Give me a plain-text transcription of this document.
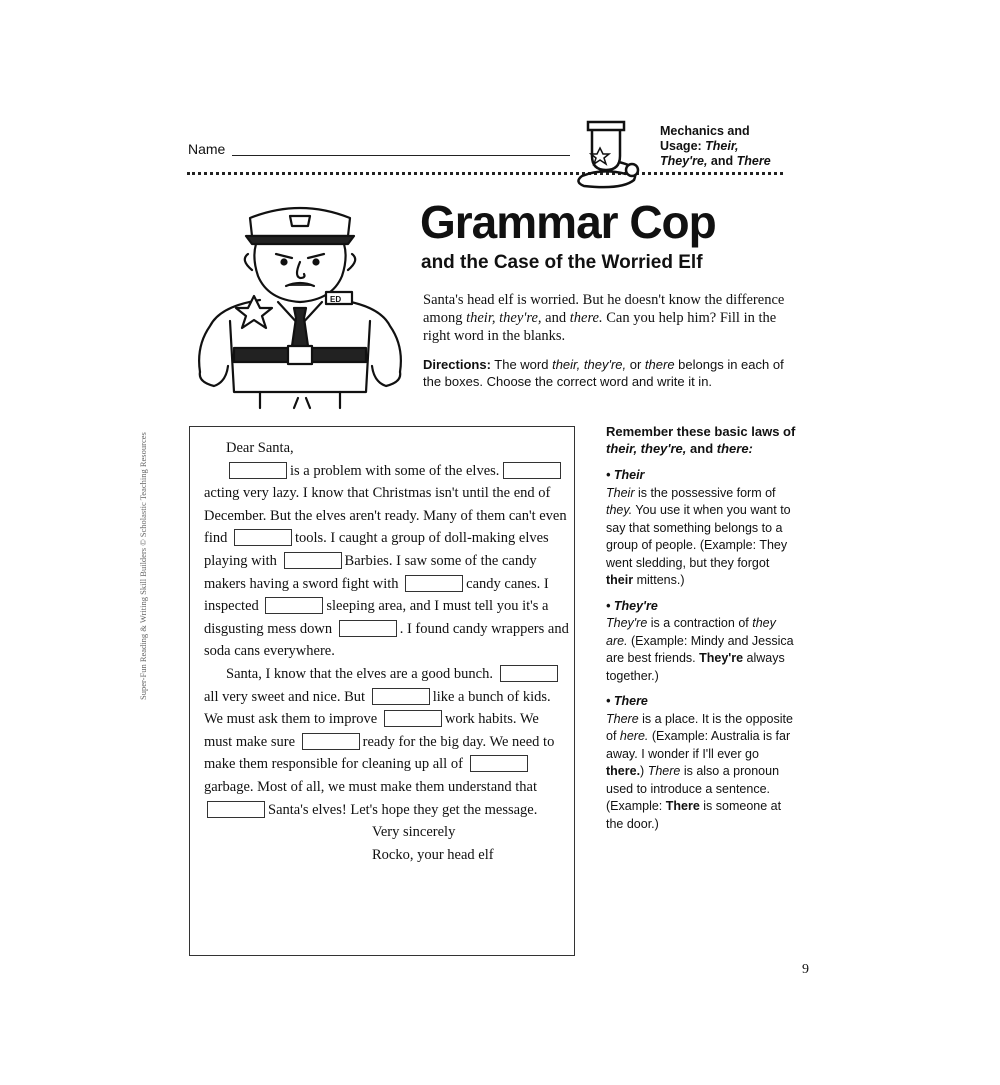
Name
Mechanics and
Usage: Their,
They're, and There
ED
Grammar Cop
and the Case of the Worried Elf
Santa's head elf is worried. But he doesn't know the difference among their, they're, and there. Can you help him? Fill in the right word in the blanks.
Directions: The word their, they're, or there belongs in each of the boxes. Choose the correct word and write it in.
Super-Fun Reading & Writing Skill Builders © Scholastic Teaching Resources	Dear Santa,

is a problem with some of the elves. acting very lazy. I know that Christmas isn't until the end of December. But the elves aren't ready. Many of them can't even find	tools. I caught a group of doll-making elves playing with	Barbies. I saw some of the candy makers having a sword fight with	candy canes. I inspected	sleeping area, and I must tell you it's a disgusting mess down	. I found candy wrappers and soda cans everywhere.

Santa, I know that the elves are a good bunch. all very sweet and nice. But	like a bunch of kids. We must ask them to improve	work habits. We must make sure	ready for the big day. We need to make them responsible for cleaning up all of garbage. Most of all, we must make them understand that Santa's elves! Let's hope they get the message.

Very sincerely

Rocko, your head elf

Remember these basic laws of their, they're, and there:
• Their

Their is the possessive form of they. You use it when you want to say that something belongs to a group of people. (Example: They went sledding, but they forgot their mittens.)

• They're

They're is a contraction of they are. (Example: Mindy and Jessica are best friends. They're always together.)

• There

There is a place. It is the opposite of here. (Example: Australia is far away. I wonder if I'll ever go there.) There is also a pronoun used to introduce a sentence. (Example: There is someone at the door.)

9
